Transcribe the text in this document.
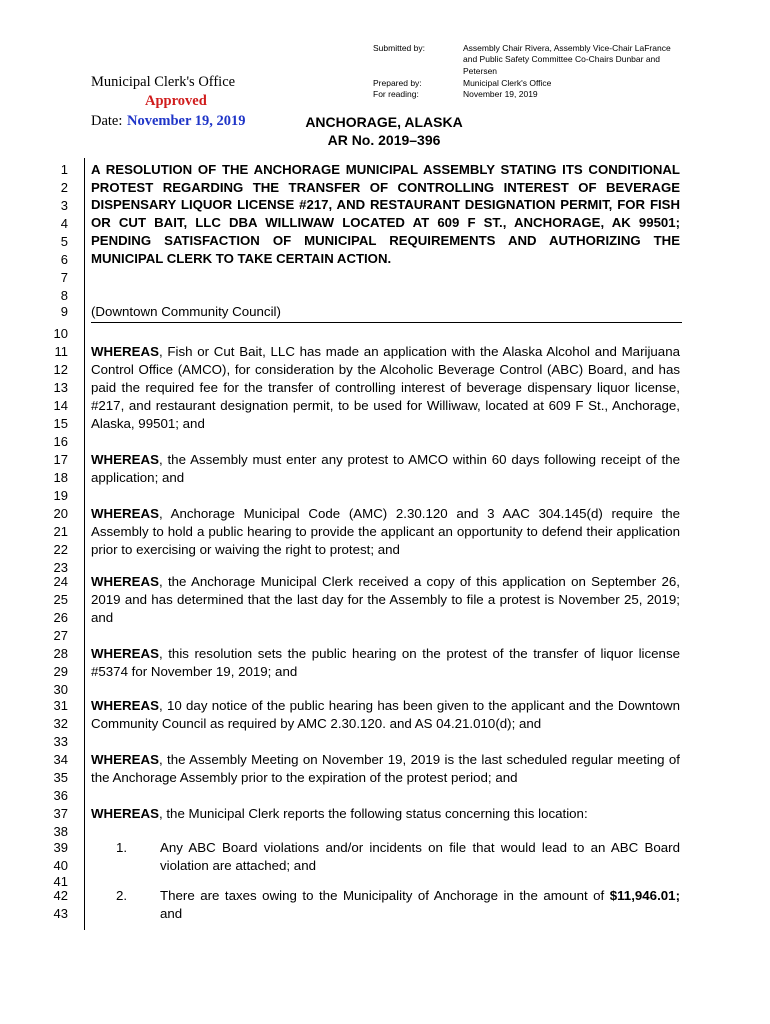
Submitted by:	Assembly Chair Rivera, Assembly Vice-Chair LaFrance
and Public Safety Committee Co-Chairs Dunbar and
Petersen
Prepared by:	Municipal Clerk's Office
For reading:	November 19, 2019
Municipal Clerk's Office
Approved
Date: November 19, 2019	ANCHORAGE, ALASKA
AR No. 2019–396
1
2
3
4
5
6
7
8
9
10
11
12
13
14
15
16
17
18
19
20
21
22
23
24
25
26
27
28
29
30
31
32
33
34
35
36
37
38
39
40
41
42
43
A RESOLUTION OF THE ANCHORAGE MUNICIPAL ASSEMBLY STATING ITS CONDITIONAL PROTEST REGARDING THE TRANSFER OF CONTROLLING INTEREST OF BEVERAGE DISPENSARY LIQUOR LICENSE #217, AND RESTAURANT DESIGNATION PERMIT, FOR FISH OR CUT BAIT, LLC DBA WILLIWAW LOCATED AT 609 F ST., ANCHORAGE, AK 99501; PENDING SATISFACTION OF MUNICIPAL REQUIREMENTS AND AUTHORIZING THE MUNICIPAL CLERK TO TAKE CERTAIN ACTION.
(Downtown Community Council)
WHEREAS, Fish or Cut Bait, LLC has made an application with the Alaska Alcohol and Marijuana Control Office (AMCO), for consideration by the Alcoholic Beverage Control (ABC) Board, and has paid the required fee for the transfer of controlling interest of beverage dispensary liquor license, #217, and restaurant designation permit, to be used for Williwaw, located at 609 F St., Anchorage, Alaska, 99501; and
WHEREAS, the Assembly must enter any protest to AMCO within 60 days following receipt of the application; and
WHEREAS, Anchorage Municipal Code (AMC) 2.30.120 and 3 AAC 304.145(d) require the Assembly to hold a public hearing to provide the applicant an opportunity to defend their application prior to exercising or waiving the right to protest; and
WHEREAS, the Anchorage Municipal Clerk received a copy of this application on September 26, 2019 and has determined that the last day for the Assembly to file a protest is November 25, 2019; and
WHEREAS, this resolution sets the public hearing on the protest of the transfer of liquor license #5374 for November 19, 2019; and
WHEREAS, 10 day notice of the public hearing has been given to the applicant and the Downtown Community Council as required by AMC 2.30.120. and AS 04.21.010(d); and
WHEREAS, the Assembly Meeting on November 19, 2019 is the last scheduled regular meeting of the Anchorage Assembly prior to the expiration of the protest period; and
WHEREAS, the Municipal Clerk reports the following status concerning this location:
1. Any ABC Board violations and/or incidents on file that would lead to an ABC Board violation are attached; and
2. There are taxes owing to the Municipality of Anchorage in the amount of $11,946.01; and
